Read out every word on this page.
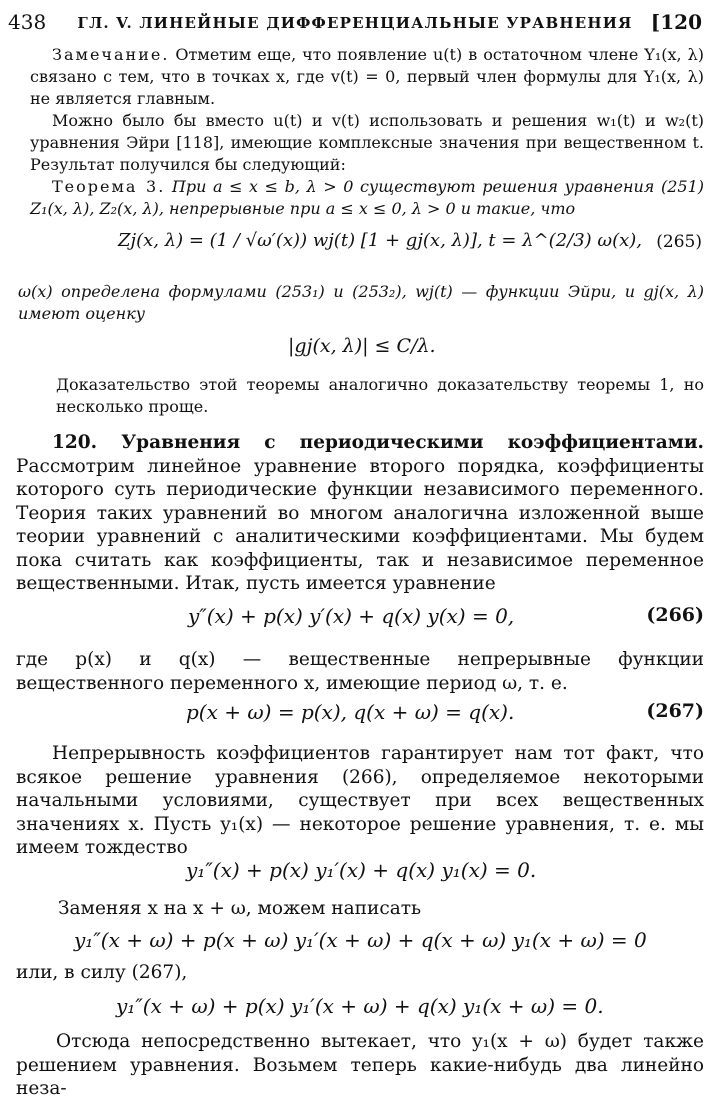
438	ГЛ. V. ЛИНЕЙНЫЕ ДИФФЕРЕНЦИАЛЬНЫЕ УРАВНЕНИЯ [120

Замечание. Отметим еще, что появление u(t) в остаточном члене Y₁(x, λ) связано с тем, что в точках x, где v(t) = 0, первый член формулы для Y₁(x, λ) не является главным.

Можно было бы вместо u(t) и v(t) использовать и решения w₁(t) и w₂(t) уравнения Эйри [118], имеющие комплексные значения при вещественном t. Результат получился бы следующий:

Теорема 3. При a ≤ x ≤ b, λ > 0 существуют решения уравнения (251) Z₁(x, λ), Z₂(x, λ), непрерывные при a ≤ x ≤ 0, λ > 0 и такие, что

Zj(x, λ) = (1 / √ω′(x)) wj(t) [1 + gj(x, λ)], t = λ^(2/3) ω(x), (265)
ω(x) определена формулами (253₁) и (253₂), wj(t) — функции Эйри, и gj(x, λ) имеют оценку
|gj(x, λ)| ≤ C/λ.
Доказательство этой теоремы аналогично доказательству теоремы 1, но несколько проще.

120. Уравнения с периодическими коэффициентами. Рассмотрим линейное уравнение второго порядка, коэффициенты которого суть периодические функции независимого переменного. Теория таких уравнений во многом аналогична изложенной выше теории уравнений с аналитическими коэффициентами. Мы будем пока считать как коэффициенты, так и независимое переменное вещественными. Итак, пусть имеется уравнение

y″(x) + p(x) y′(x) + q(x) y(x) = 0,	(266)
где p(x) и q(x) — вещественные непрерывные функции вещественного переменного x, имеющие период ω, т. е.
p(x + ω) = p(x), q(x + ω) = q(x).	(267)
Непрерывность коэффициентов гарантирует нам тот факт, что всякое решение уравнения (266), определяемое некоторыми начальными условиями, существует при всех вещественных значениях x. Пусть y₁(x) — некоторое решение уравнения, т. е. мы имеем тождество
y₁″(x) + p(x) y₁′(x) + q(x) y₁(x) = 0.
Заменяя x на x + ω, можем написать
y₁″(x + ω) + p(x + ω) y₁′(x + ω) + q(x + ω) y₁(x + ω) = 0
или, в силу (267),
y₁″(x + ω) + p(x) y₁′(x + ω) + q(x) y₁(x + ω) = 0.
Отсюда непосредственно вытекает, что y₁(x + ω) будет также решением уравнения. Возьмем теперь какие-нибудь два линейно неза-
